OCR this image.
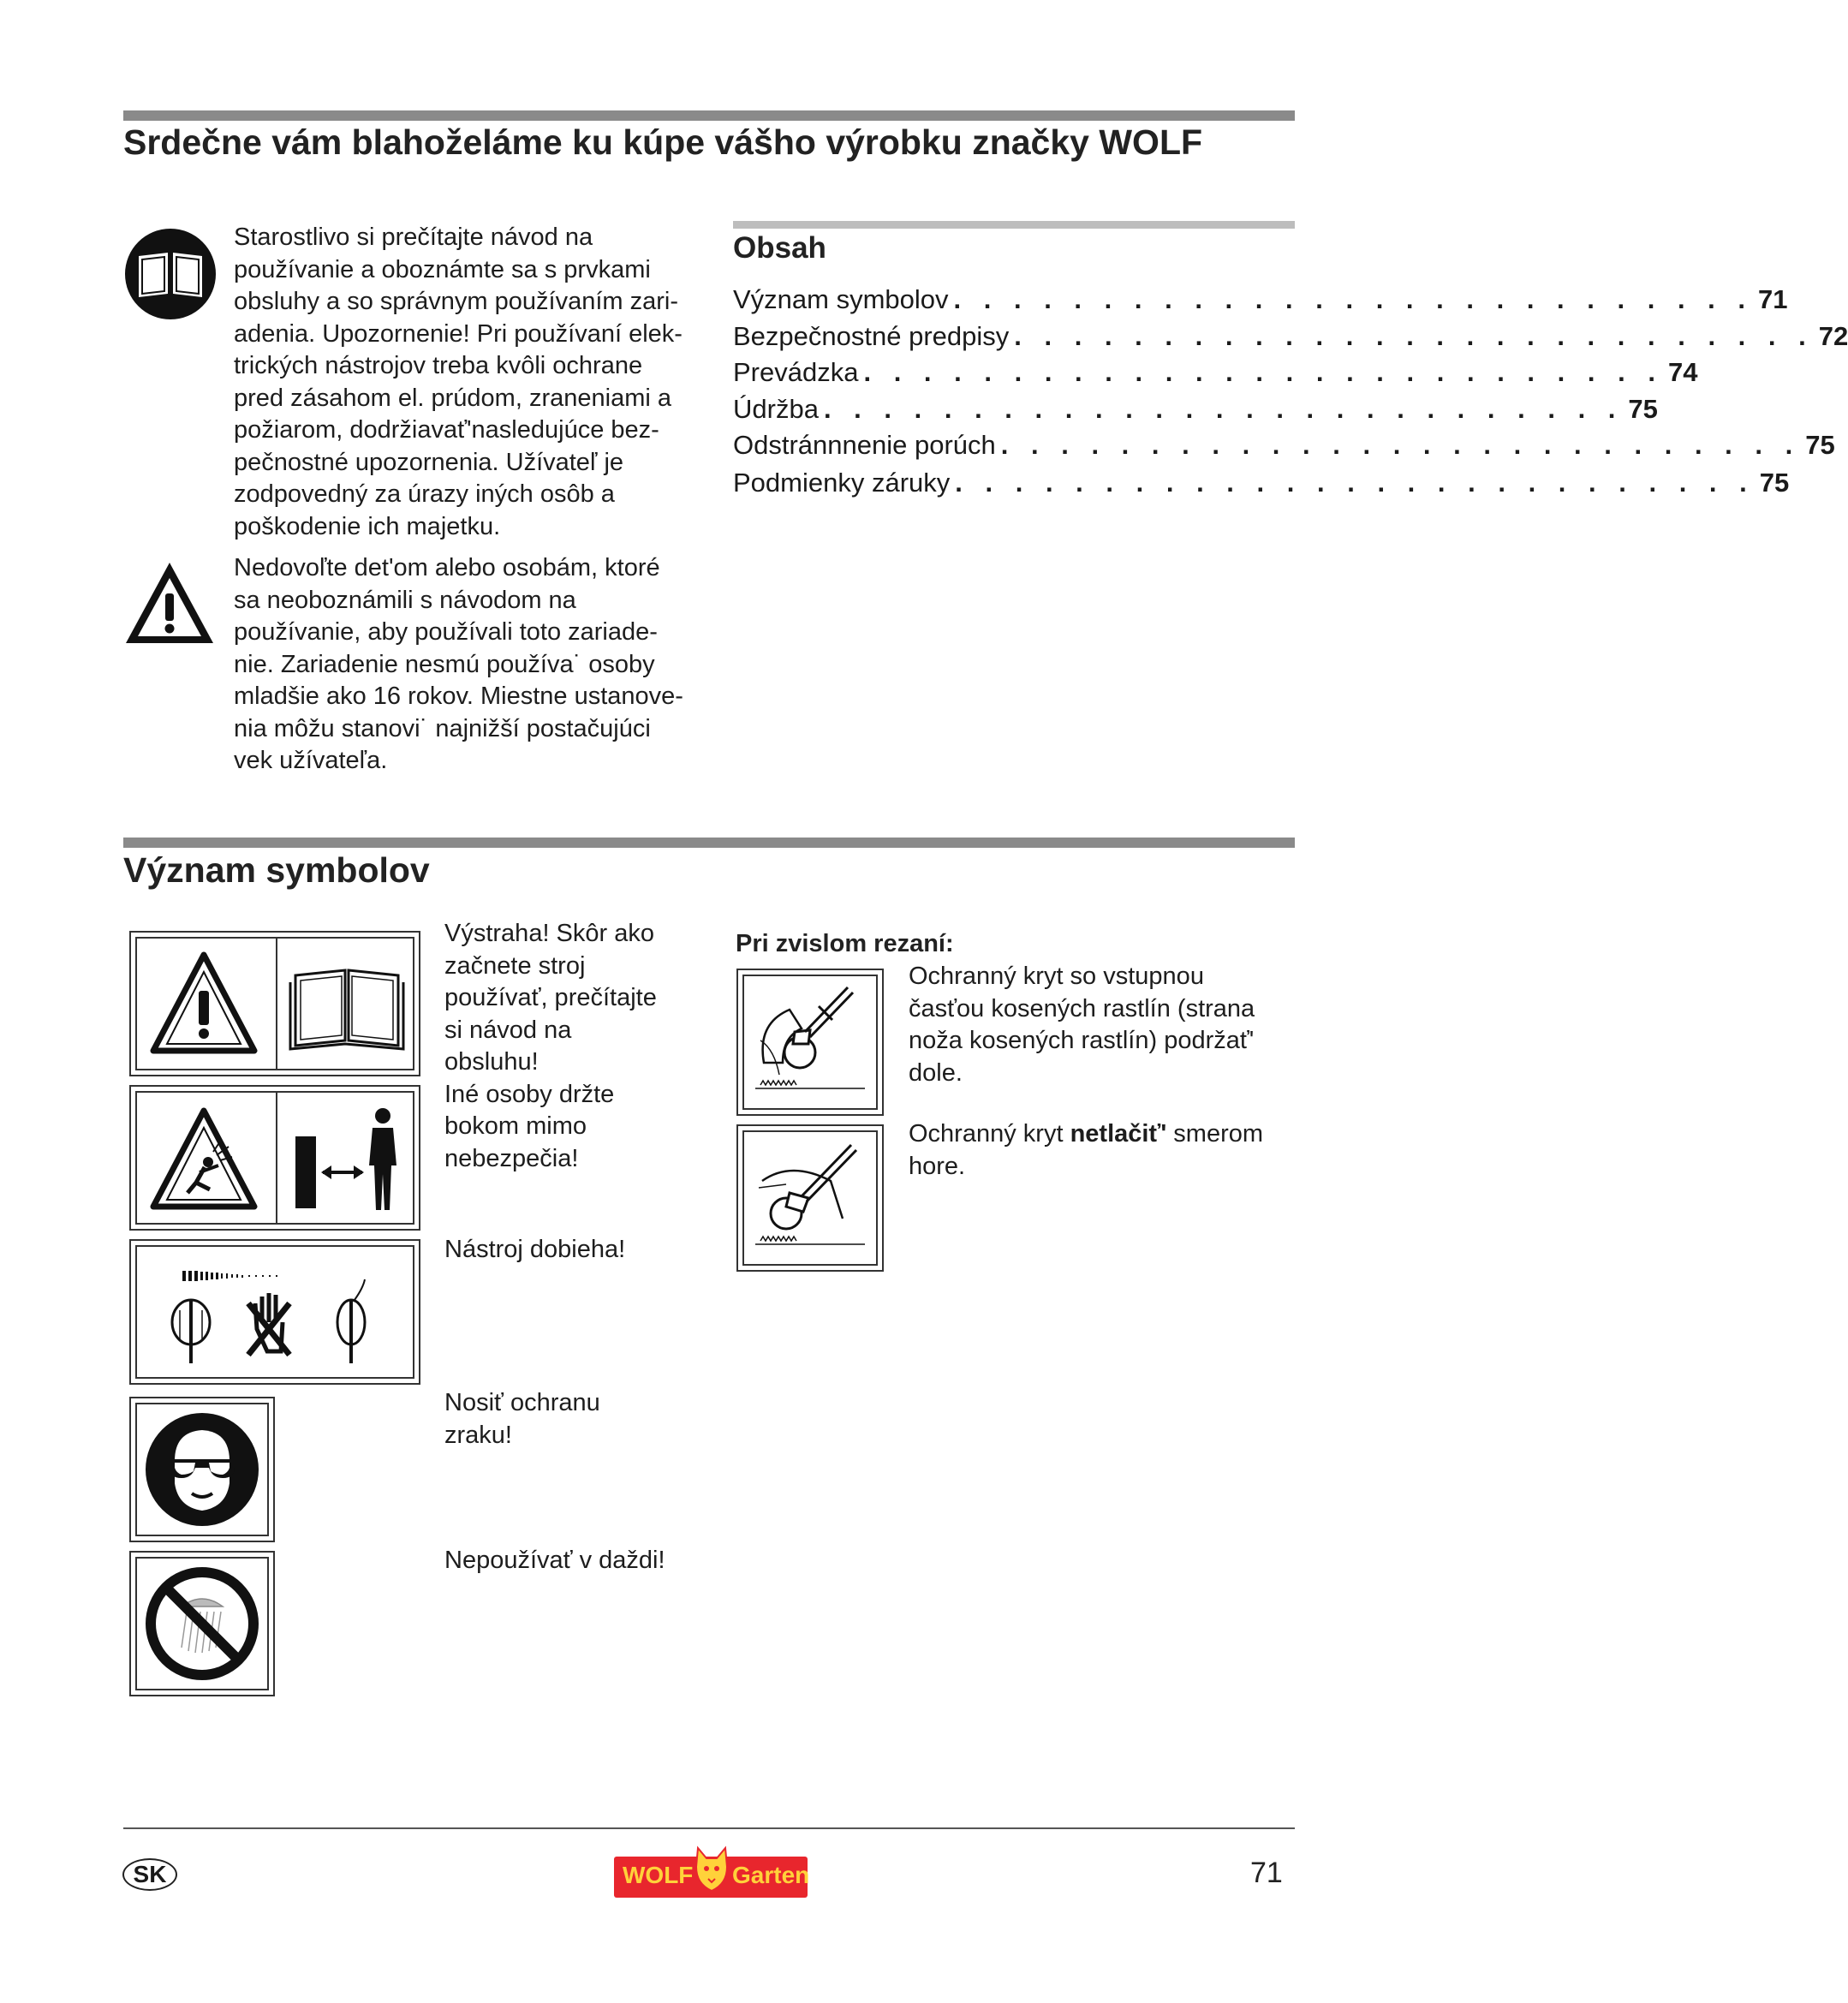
Srdečne vám blahoželáme ku kúpe vášho výrobku značky WOLF
Starostlivo si prečítajte návod na
používanie a oboznámte sa s prvkami
obsluhy a so správnym používaním zari-
adenia. Upozornenie! Pri používaní elek-
trických nástrojov treba kvôli ochrane
pred zásahom el. prúdom, zraneniami a
požiarom, dodržiavať'nasledujúce bez-
pečnostné upozornenia. Užívateľ je
zodpovedný za úrazy iných osôb a
poškodenie ich majetku.
Nedovoľte det'om alebo osobám, ktoré
sa neoboznámili s návodom na
používanie, aby používali toto zariade-
nie. Zariadenie nesmú používa˙ osoby
mladšie ako 16 rokov. Miestne ustanove-
nia môžu stanovi˙ najnižší postačujúci
vek užívateľa.
Obsah
Význam symbolov . . . . . . . . . . . . . . . . . . . . . . . . . . . 71
Bezpečnostné predpisy . . . . . . . . . . . . . . . . . . . . . . . . . . . 72
Prevádzka . . . . . . . . . . . . . . . . . . . . . . . . . . . 74
Údržba . . . . . . . . . . . . . . . . . . . . . . . . . . . 75
Odstránnnenie porúch . . . . . . . . . . . . . . . . . . . . . . . . . . . 75
Podmienky záruky . . . . . . . . . . . . . . . . . . . . . . . . . . . 75
Význam symbolov
Výstraha! Skôr ako
začnete stroj
používať, prečítajte
si návod na
obsluhu!
Iné osoby držte
bokom mimo
nebezpečia!
Nástroj dobieha!
Nosiť ochranu
zraku!
Nepoužívať v daždi!
Pri zvislom rezaní:
Ochranný kryt so vstupnou
časťou kosených rastlín (strana
noža kosených rastlín) podržať'
dole.
Ochranný kryt netlačiť' smerom
hore.
SK	WOLF Garten	71
